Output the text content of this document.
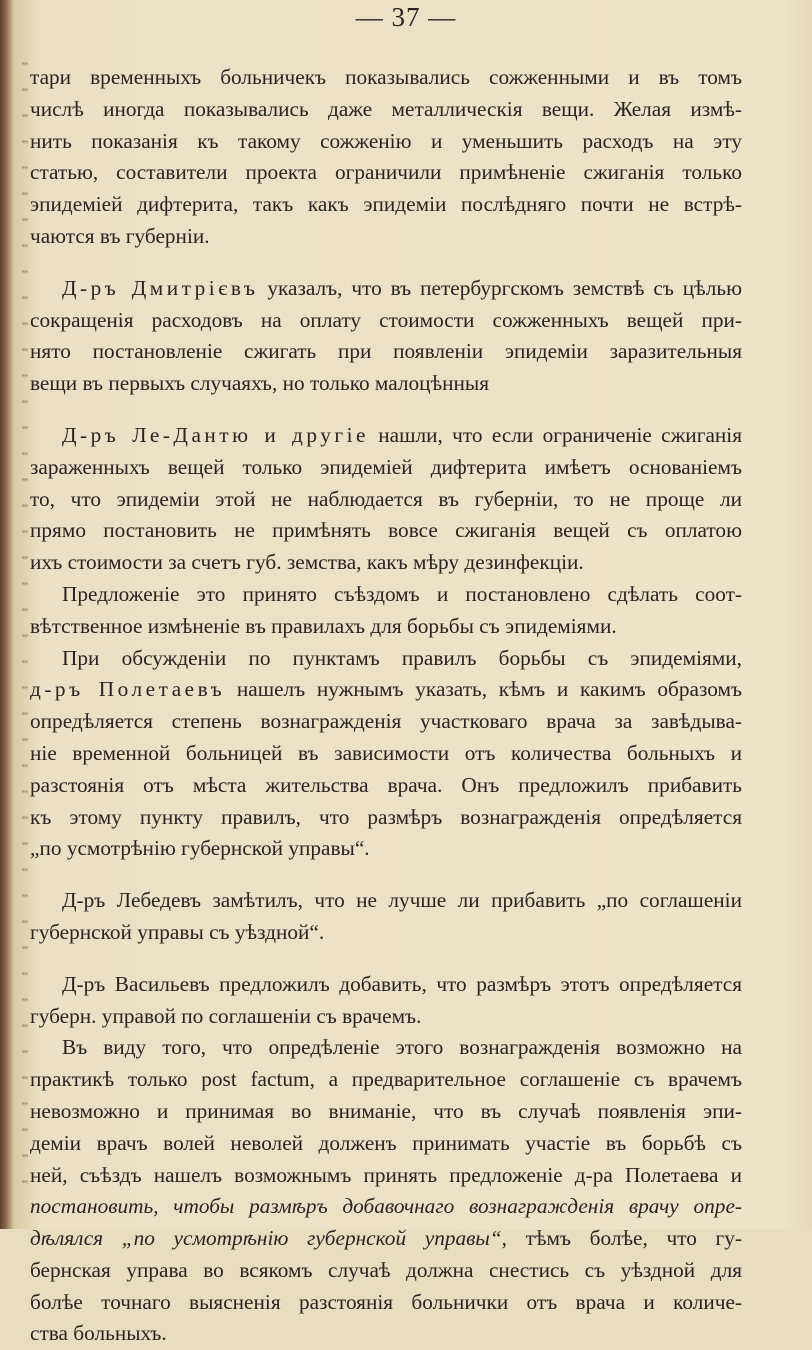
— 37 —
тари временныхъ больничекъ показывались сожженными и въ томъ
числѣ иногда показывались даже металлическія вещи. Желая измѣ-
нить показанія къ такому сожженію и уменьшить расходъ на эту
статью, составители проекта ограничили примѣненіе сжиганія только
эпидеміей дифтерита, такъ какъ эпидеміи послѣдняго почти не встрѣ-
чаются въ губерніи.
Д-ръ Дмитрієвъ указалъ, что въ петербургскомъ земствѣ съ цѣлью
сокращенія расходовъ на оплату стоимости сожженныхъ вещей при-
нято постановленіе сжигать при появленіи эпидеміи заразительныя
вещи въ первыхъ случаяхъ, но только малоцѣнныя
Д-ръ Ле-Дантю и другіе нашли, что если ограниченіе сжиганія
зараженныхъ вещей только эпидеміей дифтерита имѣетъ основаніемъ
то, что эпидеміи этой не наблюдается въ губерніи, то не проще ли
прямо постановить не примѣнять вовсе сжиганія вещей съ оплатою
ихъ стоимости за счетъ губ. земства, какъ мѣру дезинфекціи.
Предложеніе это принято съѣздомъ и постановлено сдѣлать соот-
вѣтственное измѣненіе въ правилахъ для борьбы съ эпидеміями.
При обсужденіи по пунктамъ правилъ борьбы съ эпидеміями,
д-ръ Полетаевъ нашелъ нужнымъ указать, кѣмъ и какимъ образомъ
опредѣляется степень вознагражденія участковаго врача за завѣдыва-
ніе временной больницей въ зависимости отъ количества больныхъ и
разстоянія отъ мѣста жительства врача. Онъ предложилъ прибавить
къ этому пункту правилъ, что размѣръ вознагражденія опредѣляется
„по усмотрѣнію губернской управы“.
Д-ръ Лебедевъ замѣтилъ, что не лучше ли прибавить „по соглашеніи
губернской управы съ уѣздной“.
Д-ръ Васильевъ предложилъ добавить, что размѣръ этотъ опредѣляется
губерн. управой по соглашеніи съ врачемъ.
Въ виду того, что опредѣленіе этого вознагражденія возможно на
практикѣ только post factum, а предварительное соглашеніе съ врачемъ
невозможно и принимая во вниманіе, что въ случаѣ появленія эпи-
деміи врачъ волей неволей долженъ принимать участіе въ борьбѣ съ
ней, съѣздъ нашелъ возможнымъ принять предложеніе д-ра Полетаева и
постановить, чтобы размѣръ добавочнаго вознагражденія врачу опре-
дѣлялся „по усмотрѣнію губернской управы“, тѣмъ болѣе, что гу-
бернская управа во всякомъ случаѣ должна снестись съ уѣздной для
болѣе точнаго выясненія разстоянія больнички отъ врача и количе-
ства больныхъ.
